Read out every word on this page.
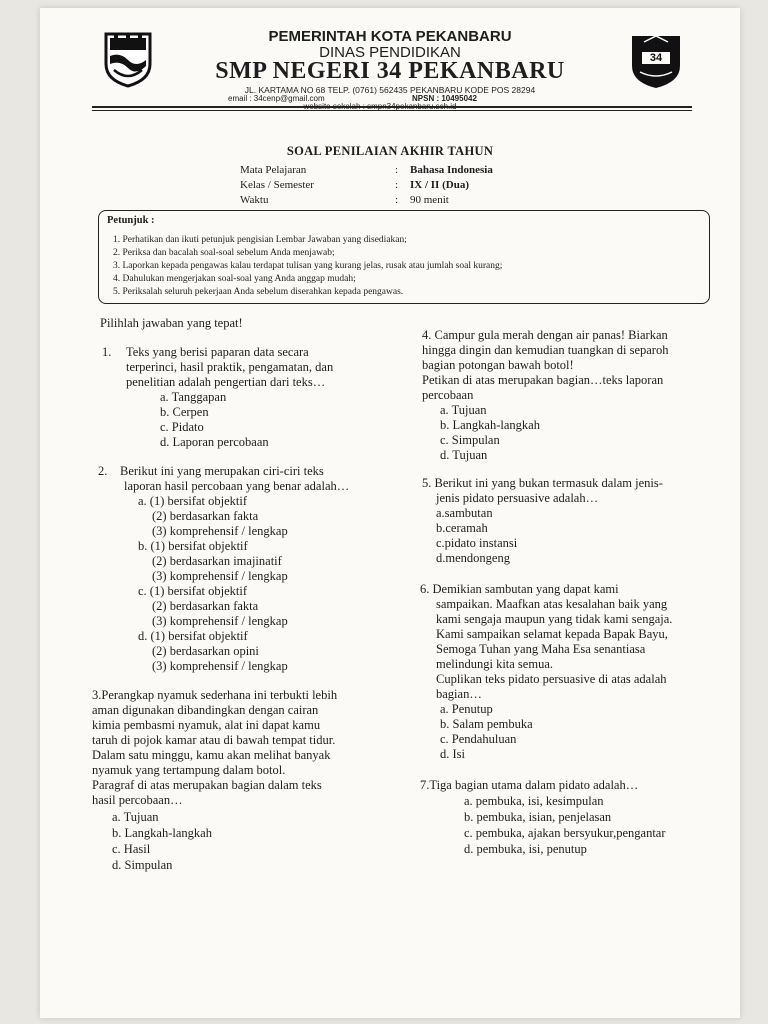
PEMERINTAH KOTA PEKANBARU
DINAS PENDIDIKAN
SMP NEGERI 34 PEKANBARU
JL. KARTAMA NO 68 TELP. (0761) 562435 PEKANBARU KODE POS 28294
email : 34cenp@gmail.com	NPSN : 10495042
34
SOAL PENILAIAN AKHIR TAHUN
Mata Pelajaran	: Bahasa Indonesia
Kelas / Semester	: IX / II (Dua)
Waktu	: 90 menit
Petunjuk :
1. Perhatikan dan ikuti petunjuk pengisian Lembar Jawaban yang disediakan;
2. Periksa dan bacalah soal-soal sebelum Anda menjawab;
3. Laporkan kepada pengawas kalau terdapat tulisan yang kurang jelas, rusak atau jumlah soal kurang;
4. Dahulukan mengerjakan soal-soal yang Anda anggap mudah;
5. Periksalah seluruh pekerjaan Anda sebelum diserahkan kepada pengawas.
Pilihlah jawaban yang tepat!
1. Teks yang berisi paparan data secara
terperinci, hasil praktik, pengamatan, dan
penelitian adalah pengertian dari teks…
a. Tanggapan
b. Cerpen
c. Pidato
d. Laporan percobaan
2. Berikut ini yang merupakan ciri-ciri teks
laporan hasil percobaan yang benar adalah…
a. (1) bersifat objektif
(2) berdasarkan fakta
(3) komprehensif / lengkap
b. (1) bersifat objektif
(2) berdasarkan imajinatif
(3) komprehensif / lengkap
c. (1) bersifat objektif
(2) berdasarkan fakta
(3) komprehensif / lengkap
d. (1) bersifat objektif
(2) berdasarkan opini
(3) komprehensif / lengkap
3.Perangkap nyamuk sederhana ini terbukti lebih
aman digunakan dibandingkan dengan cairan
kimia pembasmi nyamuk, alat ini dapat kamu
taruh di pojok kamar atau di bawah tempat tidur.
Dalam satu minggu, kamu akan melihat banyak
nyamuk yang tertampung dalam botol.
Paragraf di atas merupakan bagian dalam teks
hasil percobaan…
a. Tujuan
b. Langkah-langkah
c. Hasil
d. Simpulan
4. Campur gula merah dengan air panas! Biarkan
hingga dingin dan kemudian tuangkan di separoh
bagian potongan bawah botol!
Petikan di atas merupakan bagian…teks laporan
percobaan
a. Tujuan
b. Langkah-langkah
c. Simpulan
d. Tujuan
5. Berikut ini yang bukan termasuk dalam jenis-
jenis pidato persuasive adalah…
a.sambutan
b.ceramah
c.pidato instansi
d.mendongeng
6. Demikian sambutan yang dapat kami
sampaikan. Maafkan atas kesalahan baik yang
kami sengaja maupun yang tidak kami sengaja.
Kami sampaikan selamat kepada Bapak Bayu,
Semoga Tuhan yang Maha Esa senantiasa
melindungi kita semua.
Cuplikan teks pidato persuasive di atas adalah
bagian…
a. Penutup
b. Salam pembuka
c. Pendahuluan
d. Isi
7.Tiga bagian utama dalam pidato adalah…
a. pembuka, isi, kesimpulan
b. pembuka, isian, penjelasan
c. pembuka, ajakan bersyukur,pengantar
d. pembuka, isi, penutup
